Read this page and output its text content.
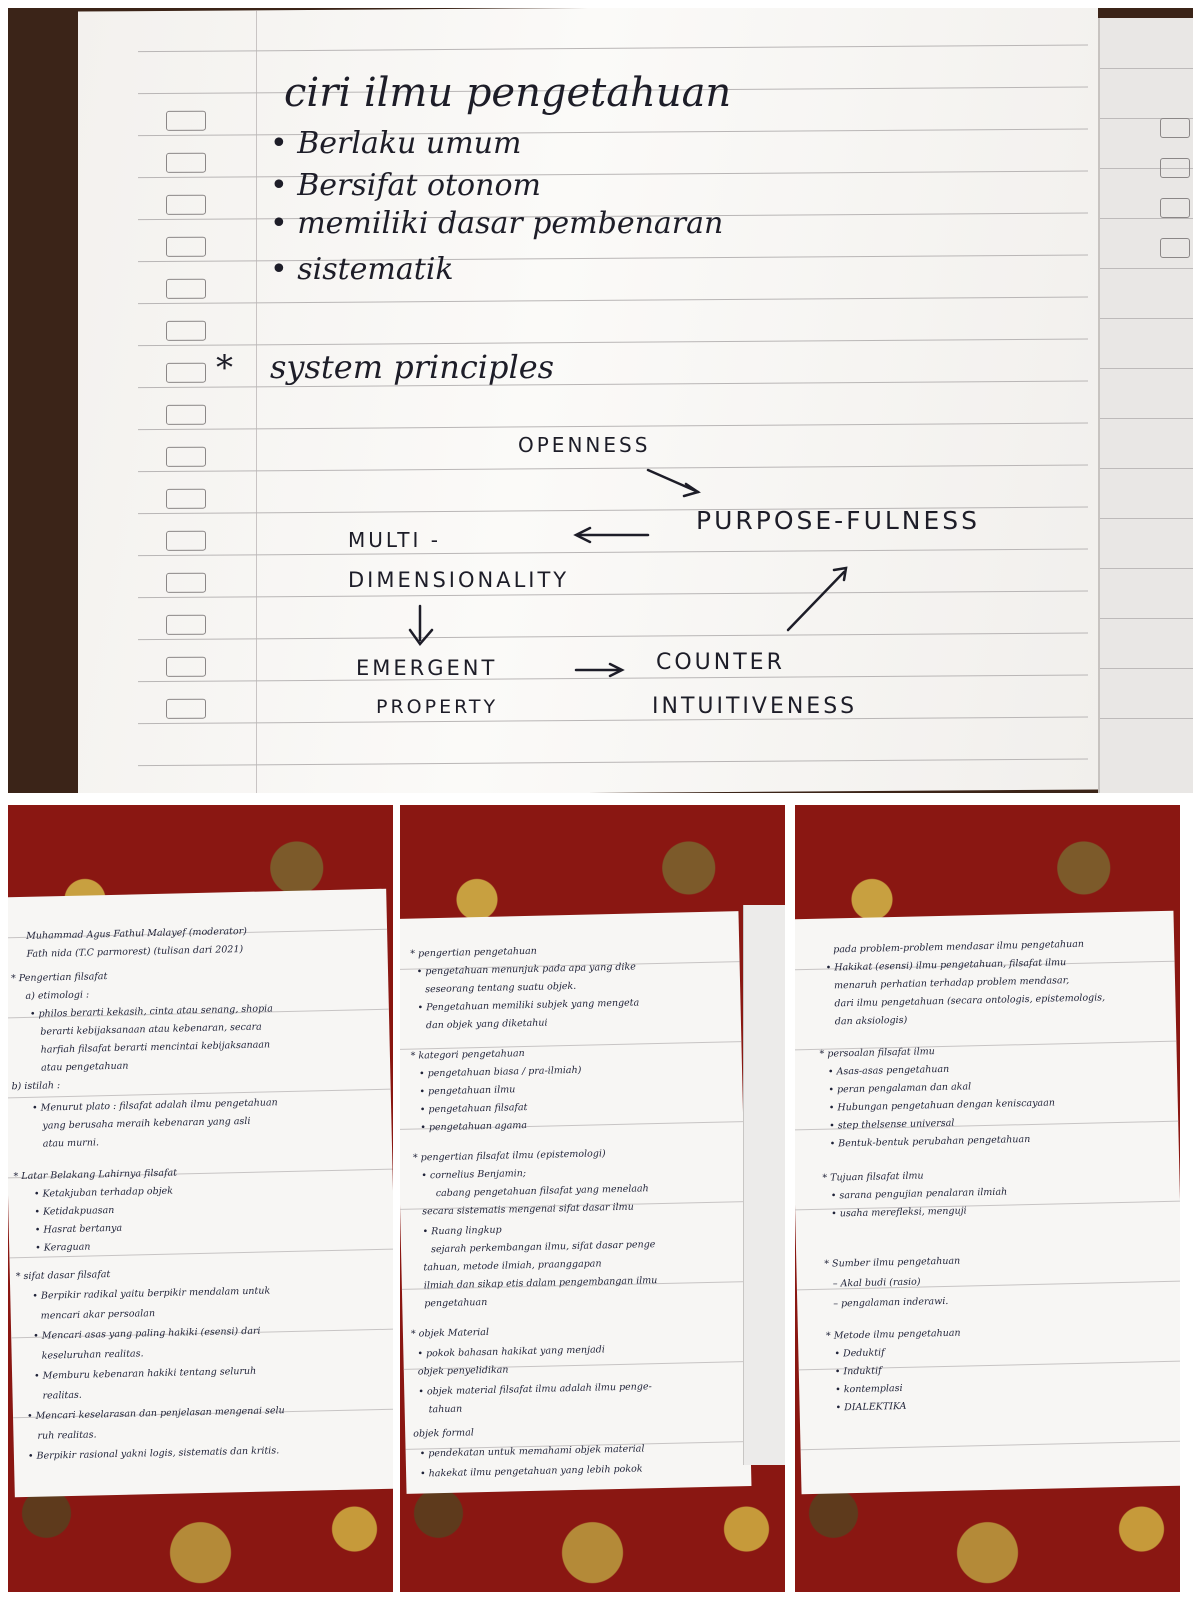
ciri ilmu pengetahuan
• Berlaku umum
• Bersifat otonom
• memiliki dasar pembenaran
• sistematik
* system principles
OPENNESS
PURPOSE-FULNESS
MULTI -
DIMENSIONALITY
EMERGENT
PROPERTY
COUNTER
INTUITIVENESS
Muhammad Agus Fathul Malayef (moderator)
Fath nida (T.C parmorest) (tulisan dari 2021)
* Pengertian filsafat
a) etimologi :
• philos berarti kekasih, cinta atau senang, shopia
berarti kebijaksanaan atau kebenaran, secara
harfiah filsafat berarti mencintai kebijaksanaan
atau pengetahuan
b) istilah :
• Menurut plato : filsafat adalah ilmu pengetahuan
yang berusaha meraih kebenaran yang asli
atau murni.
* Latar Belakang Lahirnya filsafat
• Ketakjuban terhadap objek
• Ketidakpuasan
• Hasrat bertanya
• Keraguan
* sifat dasar filsafat
• Berpikir radikal yaitu berpikir mendalam untuk
mencari akar persoalan
• Mencari asas yang paling hakiki (esensi) dari
keseluruhan realitas.
• Memburu kebenaran hakiki tentang seluruh
realitas.
• Mencari keselarasan dan penjelasan mengenai selu
ruh realitas.
• Berpikir rasional yakni logis, sistematis dan kritis.
* pengertian pengetahuan
• pengetahuan menunjuk pada apa yang dike
seseorang tentang suatu objek.
• Pengetahuan memiliki subjek yang mengeta
dan objek yang diketahui
* kategori pengetahuan
• pengetahuan biasa / pra-ilmiah)
• pengetahuan ilmu
• pengetahuan filsafat
• pengetahuan agama
* pengertian filsafat ilmu (epistemologi)
• cornelius Benjamin;
cabang pengetahuan filsafat yang menelaah
secara sistematis mengenai sifat dasar ilmu
• Ruang lingkup
sejarah perkembangan ilmu, sifat dasar penge
tahuan, metode ilmiah, praanggapan
ilmiah dan sikap etis dalam pengembangan ilmu
pengetahuan
* objek Material
• pokok bahasan hakikat yang menjadi
objek penyelidikan
• objek material filsafat ilmu adalah ilmu penge-
tahuan
objek formal
• pendekatan untuk memahami objek material
• hakekat ilmu pengetahuan yang lebih pokok
pada problem-problem mendasar ilmu pengetahuan
• Hakikat (esensi) ilmu pengetahuan, filsafat ilmu
menaruh perhatian terhadap problem mendasar,
dari ilmu pengetahuan (secara ontologis, epistemologis,
dan aksiologis)
* persoalan filsafat ilmu
• Asas-asas pengetahuan
• peran pengalaman dan akal
• Hubungan pengetahuan dengan keniscayaan
• step thelsense universal
• Bentuk-bentuk perubahan pengetahuan
* Tujuan filsafat ilmu
• sarana pengujian penalaran ilmiah
• usaha merefleksi, menguji
* Sumber ilmu pengetahuan
– Akal budi (rasio)
– pengalaman inderawi.
* Metode ilmu pengetahuan
• Deduktif
• Induktif
• kontemplasi
• DIALEKTIKA
